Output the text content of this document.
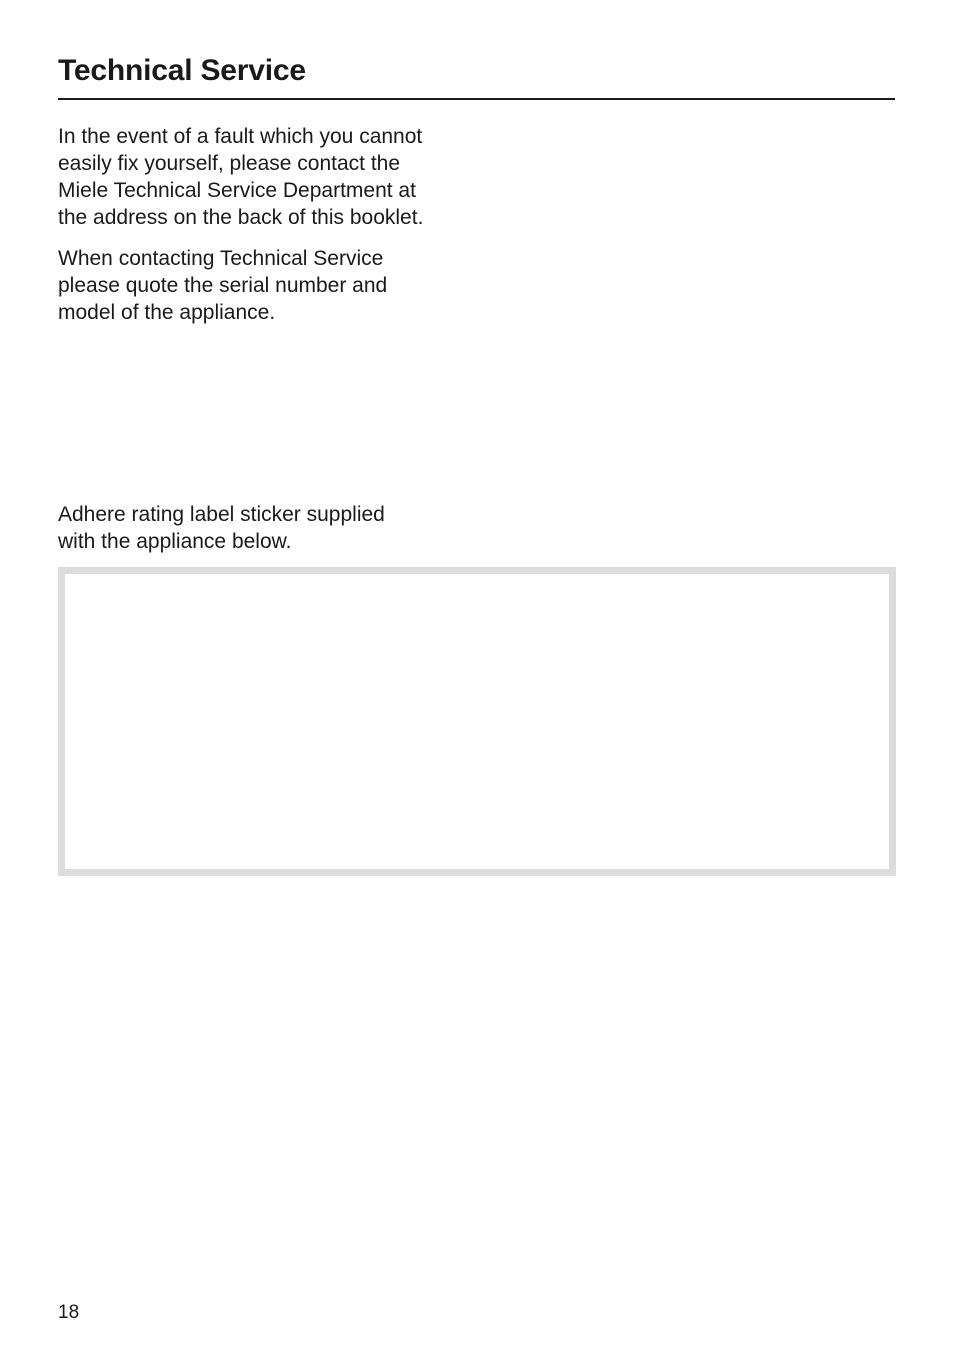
Technical Service

In the event of a fault which you cannot
easily fix yourself, please contact the
Miele Technical Service Department at
the address on the back of this booklet.

When contacting Technical Service
please quote the serial number and
model of the appliance.

Adhere rating label sticker supplied
with the appliance below.

18
